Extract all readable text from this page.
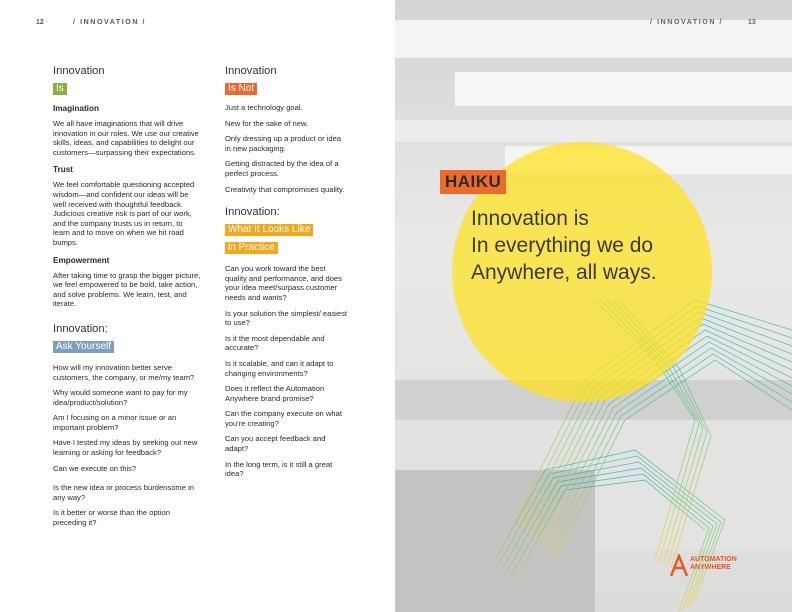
12	/ INNOVATION /
Innovation
Is
Imagination
We all have imaginations that will drive innovation in our roles. We use our creative skills, ideas, and capabilities to delight our customers—surpassing their expectations.
Trust
We feel comfortable questioning accepted wisdom—and confident our ideas will be well received with thoughtful feedback. Judicious creative risk is part of our work, and the company trusts us in return, to learn and to move on when we hit road bumps.
Empowerment
After taking time to grasp the bigger picture, we feel empowered to be bold, take action, and solve problems. We learn, test, and iterate.
Innovation:
Ask Yourself
How will my innovation better serve customers, the company, or me/my team?
Why would someone want to pay for my idea/product/solution?
Am I focusing on a minor issue or an important problem?
Have I tested my ideas by seeking out new learning or asking for feedback?
Can we execute on this?
Is the new idea or process burdensome in any way?
Is it better or worse than the option preceding it?
Innovation
Is Not
Just a technology goal.
New for the sake of new.
Only dressing up a product or idea in new packaging.
Getting distracted by the idea of a perfect process.
Creativity that compromises quality.
Innovation:
What It Looks Like
in Practice
Can you work toward the best quality and performance, and does your idea meet/surpass customer needs and wants?
Is your solution the simplest/ easiest to use?
Is it the most dependable and accurate?
Is it scalable, and can it adapt to changing environments?
Does it reflect the Automation Anywhere brand promise?
Can the company execute on what you're creating?
Can you accept feedback and adapt?
In the long term, is it still a great idea?
/ INNOVATION /	13
HAIKU
Innovation is
In everything we do
Anywhere, all ways.
AUTOMATION
ANYWHERE
